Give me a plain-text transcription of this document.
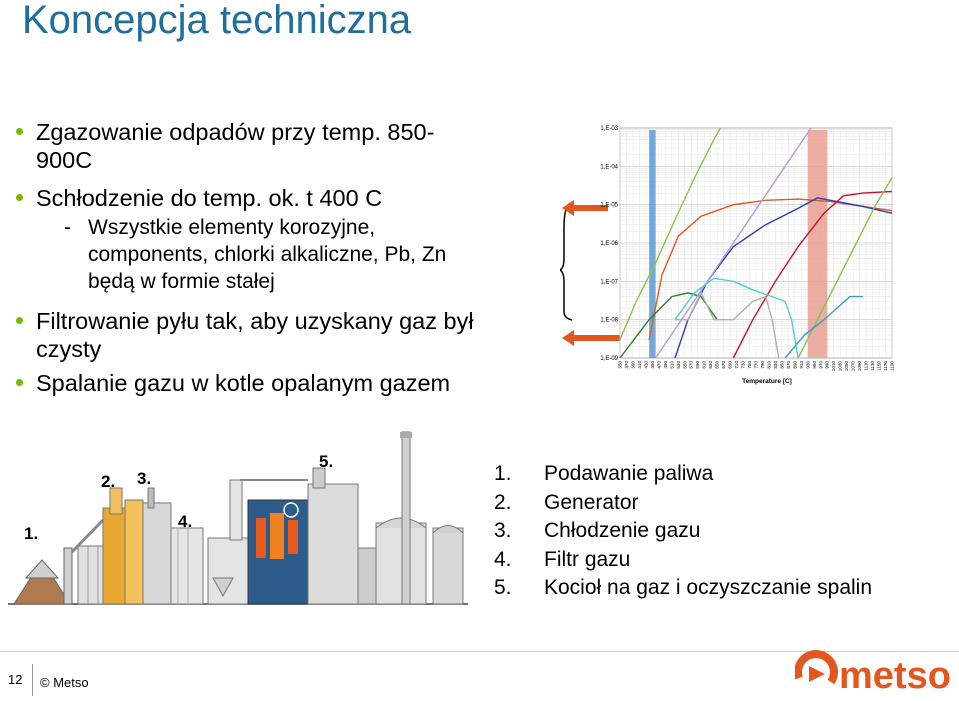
Koncepcja techniczna
Zgazowanie odpadów przy temp. 850-
900C
Schłodzenie do temp. ok. t 400 C
- Wszystkie elementy korozyjne,
components, chlorki alkaliczne, Pb, Zn
będą w formie stałej
Filtrowanie pyłu tak, aby uzyskany gaz był
czysty
Spalanie gazu w kotle opalanym gazem
1,E-03
1,E-04
1,E-05
1,E-06
1,E-07
1,E-08
1,E-09
350 370 390 410 430 450 470 490 510 530 550 570 590 610 630 650 670 690 710 730 750 770 790 810 830 850 870 890 910 930 950 970 990 1010 1030 1050 1070 1090 1110 1130 1150 1170 1190
Temperature [C]
1.
2. 3.
4.
5.
1. Podawanie paliwa
2. Generator
3. Chłodzenie gazu
4. Filtr gazu
5. Kocioł na gaz i oczyszczanie spalin
12 © Metso	metso
